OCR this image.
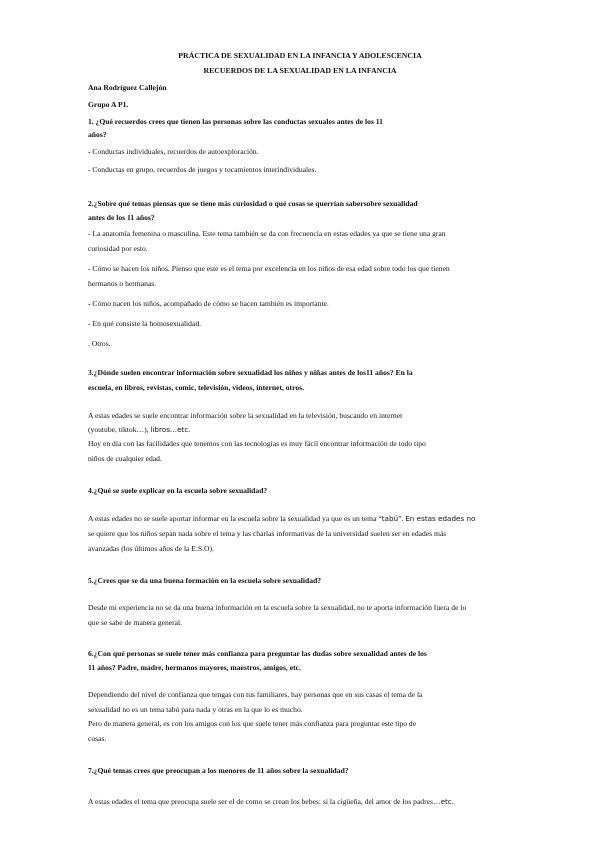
PRÁCTICA DE SEXUALIDAD EN LA INFANCIA Y ADOLESCENCIA
RECUERDOS DE LA SEXUALIDAD EN LA INFANCIA
Ana Rodríguez Callejón
Grupo A P1.
1. ¿Qué recuerdos crees que tienen las personas sobre las conductas sexuales antes de los 11
años?
- Conductas individuales, recuerdos de autoexploración.
- Conductas en grupo, recuerdos de juegos y tocamientos interindividuales.
2.¿Sobre qué temas piensas que se tiene más curiosidad o qué cosas se querrían sabersobre sexualidad
antes de los 11 años?
- La anatomía femenina o masculina. Este tema también se da con frecuencia en estas edades ya que se tiene una gran
curiosidad por esto.
- Cómo se hacen los niños. Pienso que este es el tema por excelencia en los niños de esa edad sobre todo los que tienen
hermanos o hermanas.
- Cómo nacen los niños, acompañado de cómo se hacen también es importante.
- En qué consiste la homosexualidad.
. Otros.
3.¿Dónde suelen encontrar información sobre sexualidad los niños y niñas antes de los11 años? En la
escuela, en libros, revistas, comic, televisión, videos, internet, otros.
A estas edades se suele encontrar información sobre la sexualidad en la televisión, buscando en internet
(youtube, tiktok…), libros…etc.
Hoy en día con las facilidades que tenemos con las tecnologías es muy fácil encontrar información de todo tipo
niños de cualquier edad.
4.¿Qué se suele explicar en la escuela sobre sexualidad?
A estas edades no se suele aportar informar en la escuela sobre la sexualidad ya que es un tema “tabú”. En estas edades no
se quiere que los niños sepan nada sobre el tema y las charlas informativas de la universidad suelen ser en edades más
avanzadas (los últimos años de la E.S.O).
5.¿Crees que se da una buena formación en la escuela sobre sexualidad?
Desde mi experiencia no se da una buena información en la escuela sobre la sexualidad, no te aporta información fuera de lo
que se sabe de manera general.
6.¿Con qué personas se suele tener más confianza para preguntar las dudas sobre sexualidad antes de los
11 años? Padre, madre, hermanos mayores, maestros, amigos, etc.
Dependiendo del nivel de confianza que tengas con tus familiares, hay personas que en sus casas el tema de la
sexualidad no es un tema tabú para nada y otras en la que lo es mucho.
Pero de manera general, es con los amigos con los que suele tener más confianza para preguntar este tipo de
cosas.
7.¿Qué temas crees que preocupan a los menores de 11 años sobre la sexualidad?
A estas edades el tema que preocupa suele ser el de como se crean los bebes: si la cigüeña, del amor de los padres…etc.
